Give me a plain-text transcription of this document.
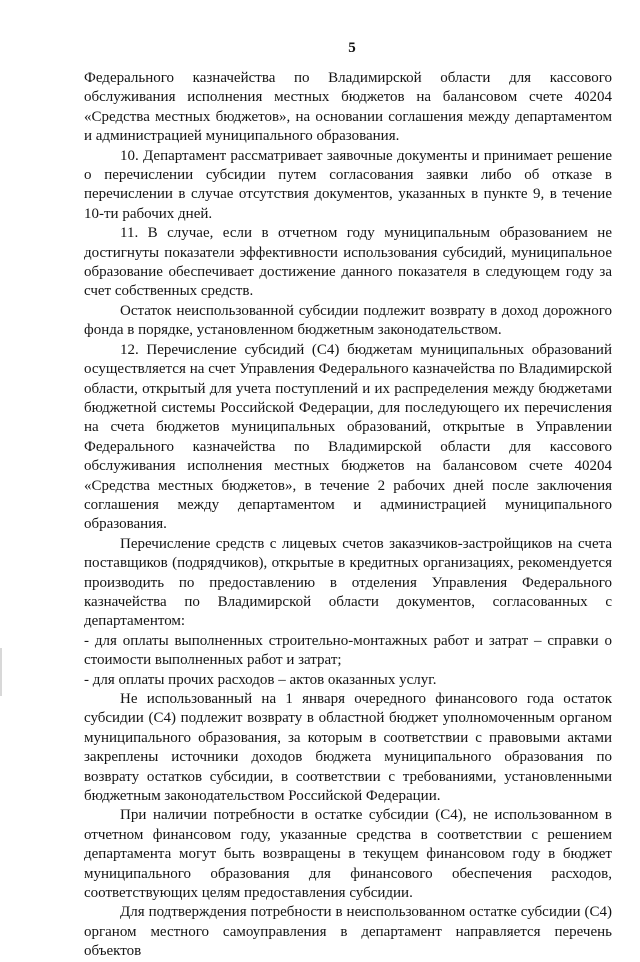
5

Федерального казначейства по Владимирской области для кассового обслуживания исполнения местных бюджетов на балансовом счете 40204 «Средства местных бюджетов», на основании соглашения между департаментом и администрацией муниципального образования.

10. Департамент рассматривает заявочные документы и принимает решение о перечислении субсидии путем согласования заявки либо об отказе в перечислении в случае отсутствия документов, указанных в пункте 9, в течение 10-ти рабочих дней.

11. В случае, если в отчетном году муниципальным образованием не достигнуты показатели эффективности использования субсидий, муниципальное образование обеспечивает достижение данного показателя в следующем году за счет собственных средств.

Остаток неиспользованной субсидии подлежит возврату в доход дорожного фонда в порядке, установленном бюджетным законодательством.

12. Перечисление субсидий (С4) бюджетам муниципальных образований осуществляется на счет Управления Федерального казначейства по Владимирской области, открытый для учета поступлений и их распределения между бюджетами бюджетной системы Российской Федерации, для последующего их перечисления на счета бюджетов муниципальных образований, открытые в Управлении Федерального казначейства по Владимирской области для кассового обслуживания исполнения местных бюджетов на балансовом счете 40204 «Средства местных бюджетов», в течение 2 рабочих дней после заключения соглашения между департаментом и администрацией муниципального образования.

Перечисление средств с лицевых счетов заказчиков-застройщиков на счета поставщиков (подрядчиков), открытые в кредитных организациях, рекомендуется производить по предоставлению в отделения Управления Федерального казначейства по Владимирской области документов, согласованных с департаментом:

- для оплаты выполненных строительно-монтажных работ и затрат – справки о стоимости выполненных работ и затрат;

- для оплаты прочих расходов – актов оказанных услуг.

Не использованный на 1 января очередного финансового года остаток субсидии (С4) подлежит возврату в областной бюджет уполномоченным органом муниципального образования, за которым в соответствии с правовыми актами закреплены источники доходов бюджета муниципального образования по возврату остатков субсидии, в соответствии с требованиями, установленными бюджетным законодательством Российской Федерации.

При наличии потребности в остатке субсидии (С4), не использованном в отчетном финансовом году, указанные средства в соответствии с решением департамента могут быть возвращены в текущем финансовом году в бюджет муниципального образования для финансового обеспечения расходов, соответствующих целям предоставления субсидии.

Для подтверждения потребности в неиспользованном остатке субсидии (С4) органом местного самоуправления в департамент направляется перечень объектов
